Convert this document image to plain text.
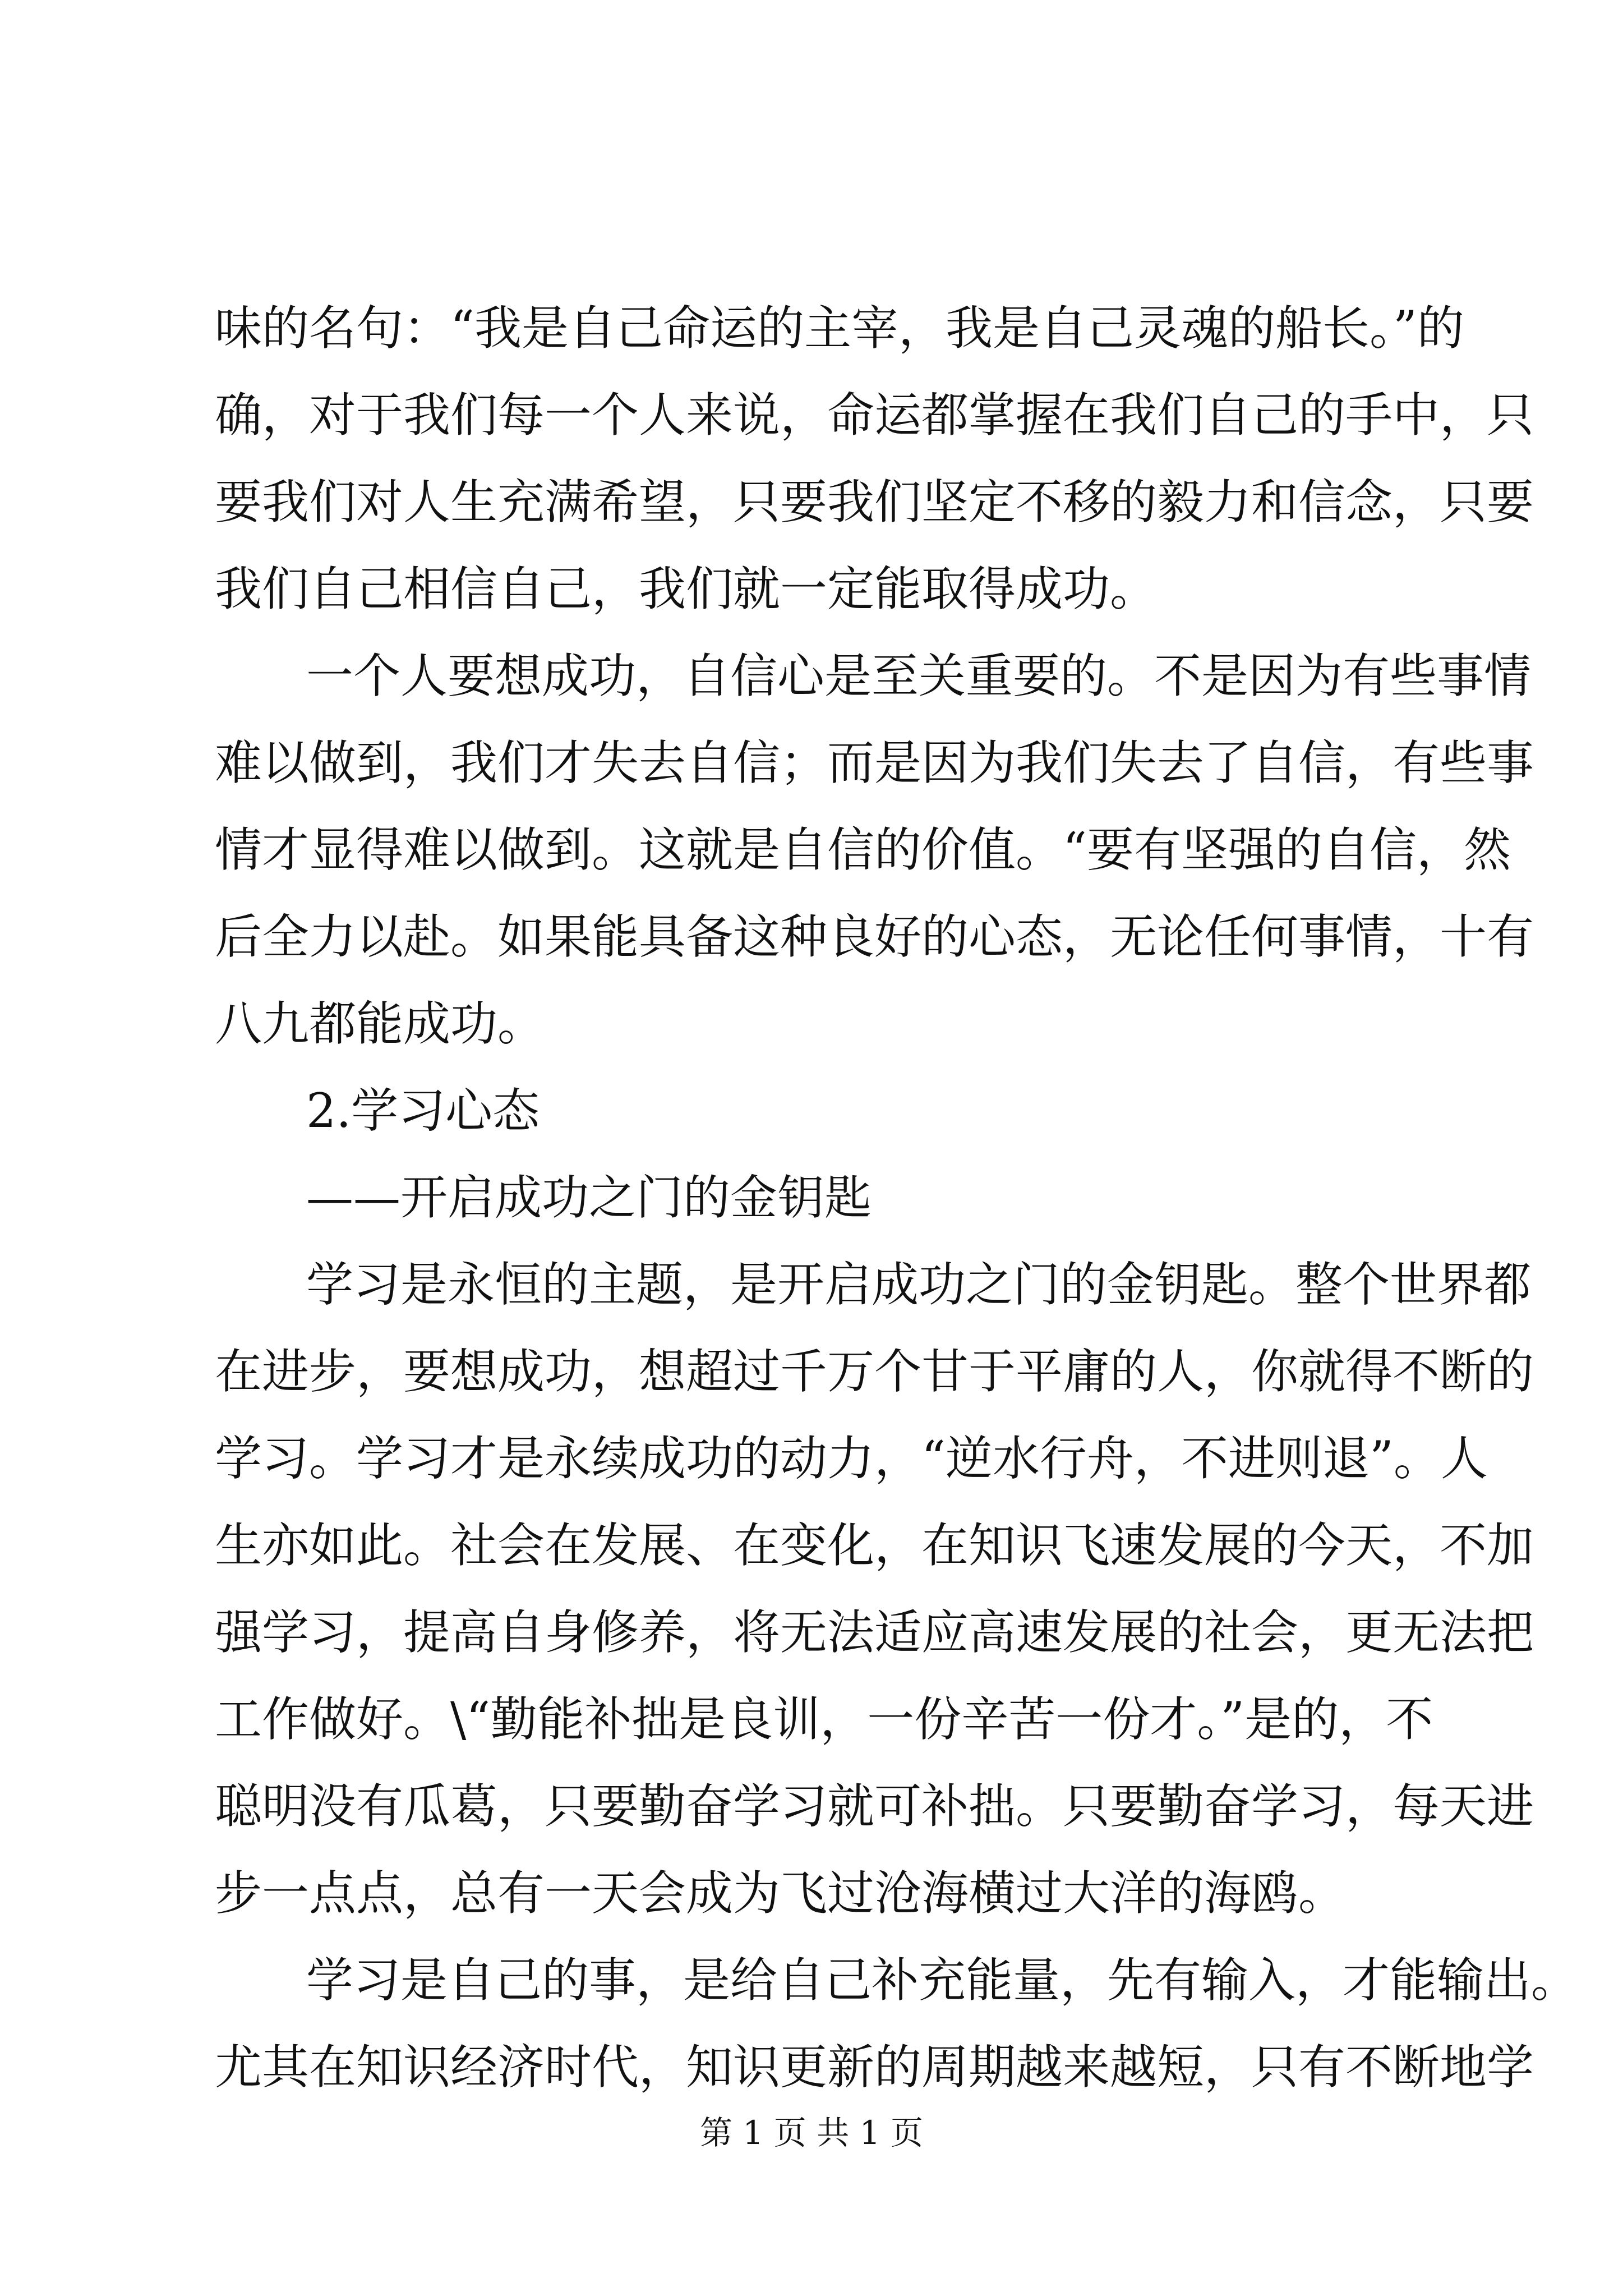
味的名句：“我是自己命运的主宰，我是自己灵魂的船长。”的
确，对于我们每一个人来说，命运都掌握在我们自己的手中，只
要我们对人生充满希望，只要我们坚定不移的毅力和信念，只要
我们自己相信自己，我们就一定能取得成功。
一个人要想成功，自信心是至关重要的。不是因为有些事情
难以做到，我们才失去自信；而是因为我们失去了自信，有些事
情才显得难以做到。这就是自信的价值。“要有坚强的自信，然
后全力以赴。如果能具备这种良好的心态，无论任何事情，十有
八九都能成功。
2.学习心态
——开启成功之门的金钥匙
学习是永恒的主题，是开启成功之门的金钥匙。整个世界都
在进步，要想成功，想超过千万个甘于平庸的人，你就得不断的
学习。学习才是永续成功的动力，“逆水行舟，不进则退”。人
生亦如此。社会在发展、在变化，在知识飞速发展的今天，不加
强学习，提高自身修养，将无法适应高速发展的社会，更无法把
工作做好。\“勤能补拙是良训，一份辛苦一份才。”是的，不
聪明没有瓜葛，只要勤奋学习就可补拙。只要勤奋学习，每天进
步一点点，总有一天会成为飞过沧海横过大洋的海鸥。
学习是自己的事，是给自己补充能量，先有输入，才能输出。
尤其在知识经济时代，知识更新的周期越来越短，只有不断地学
第 1 页 共 1 页
